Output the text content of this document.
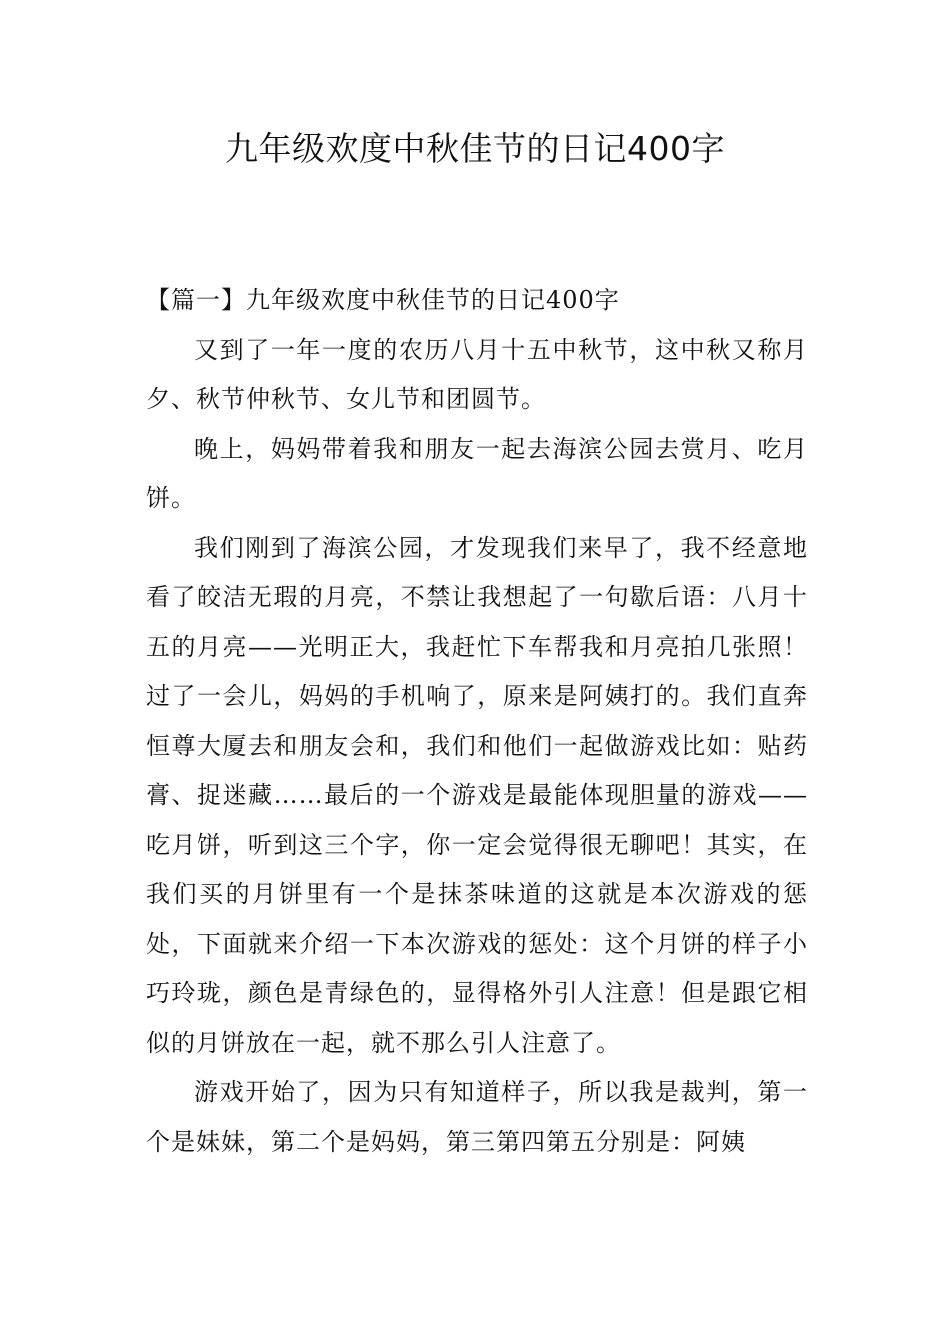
九年级欢度中秋佳节的日记400字

【篇一】九年级欢度中秋佳节的日记400字

又到了一年一度的农历八月十五中秋节，这中秋又称月夕、秋节仲秋节、女儿节和团圆节。

晚上，妈妈带着我和朋友一起去海滨公园去赏月、吃月饼。

我们刚到了海滨公园，才发现我们来早了，我不经意地看了皎洁无瑕的月亮，不禁让我想起了一句歇后语：八月十五的月亮——光明正大，我赶忙下车帮我和月亮拍几张照！过了一会儿，妈妈的手机响了，原来是阿姨打的。我们直奔恒尊大厦去和朋友会和，我们和他们一起做游戏比如：贴药膏、捉迷藏……最后的一个游戏是最能体现胆量的游戏——吃月饼，听到这三个字，你一定会觉得很无聊吧！其实，在我们买的月饼里有一个是抹茶味道的这就是本次游戏的惩处，下面就来介绍一下本次游戏的惩处：这个月饼的样子小巧玲珑，颜色是青绿色的，显得格外引人注意！但是跟它相似的月饼放在一起，就不那么引人注意了。

游戏开始了，因为只有知道样子，所以我是裁判，第一个是妹妹，第二个是妈妈，第三第四第五分别是：阿姨
